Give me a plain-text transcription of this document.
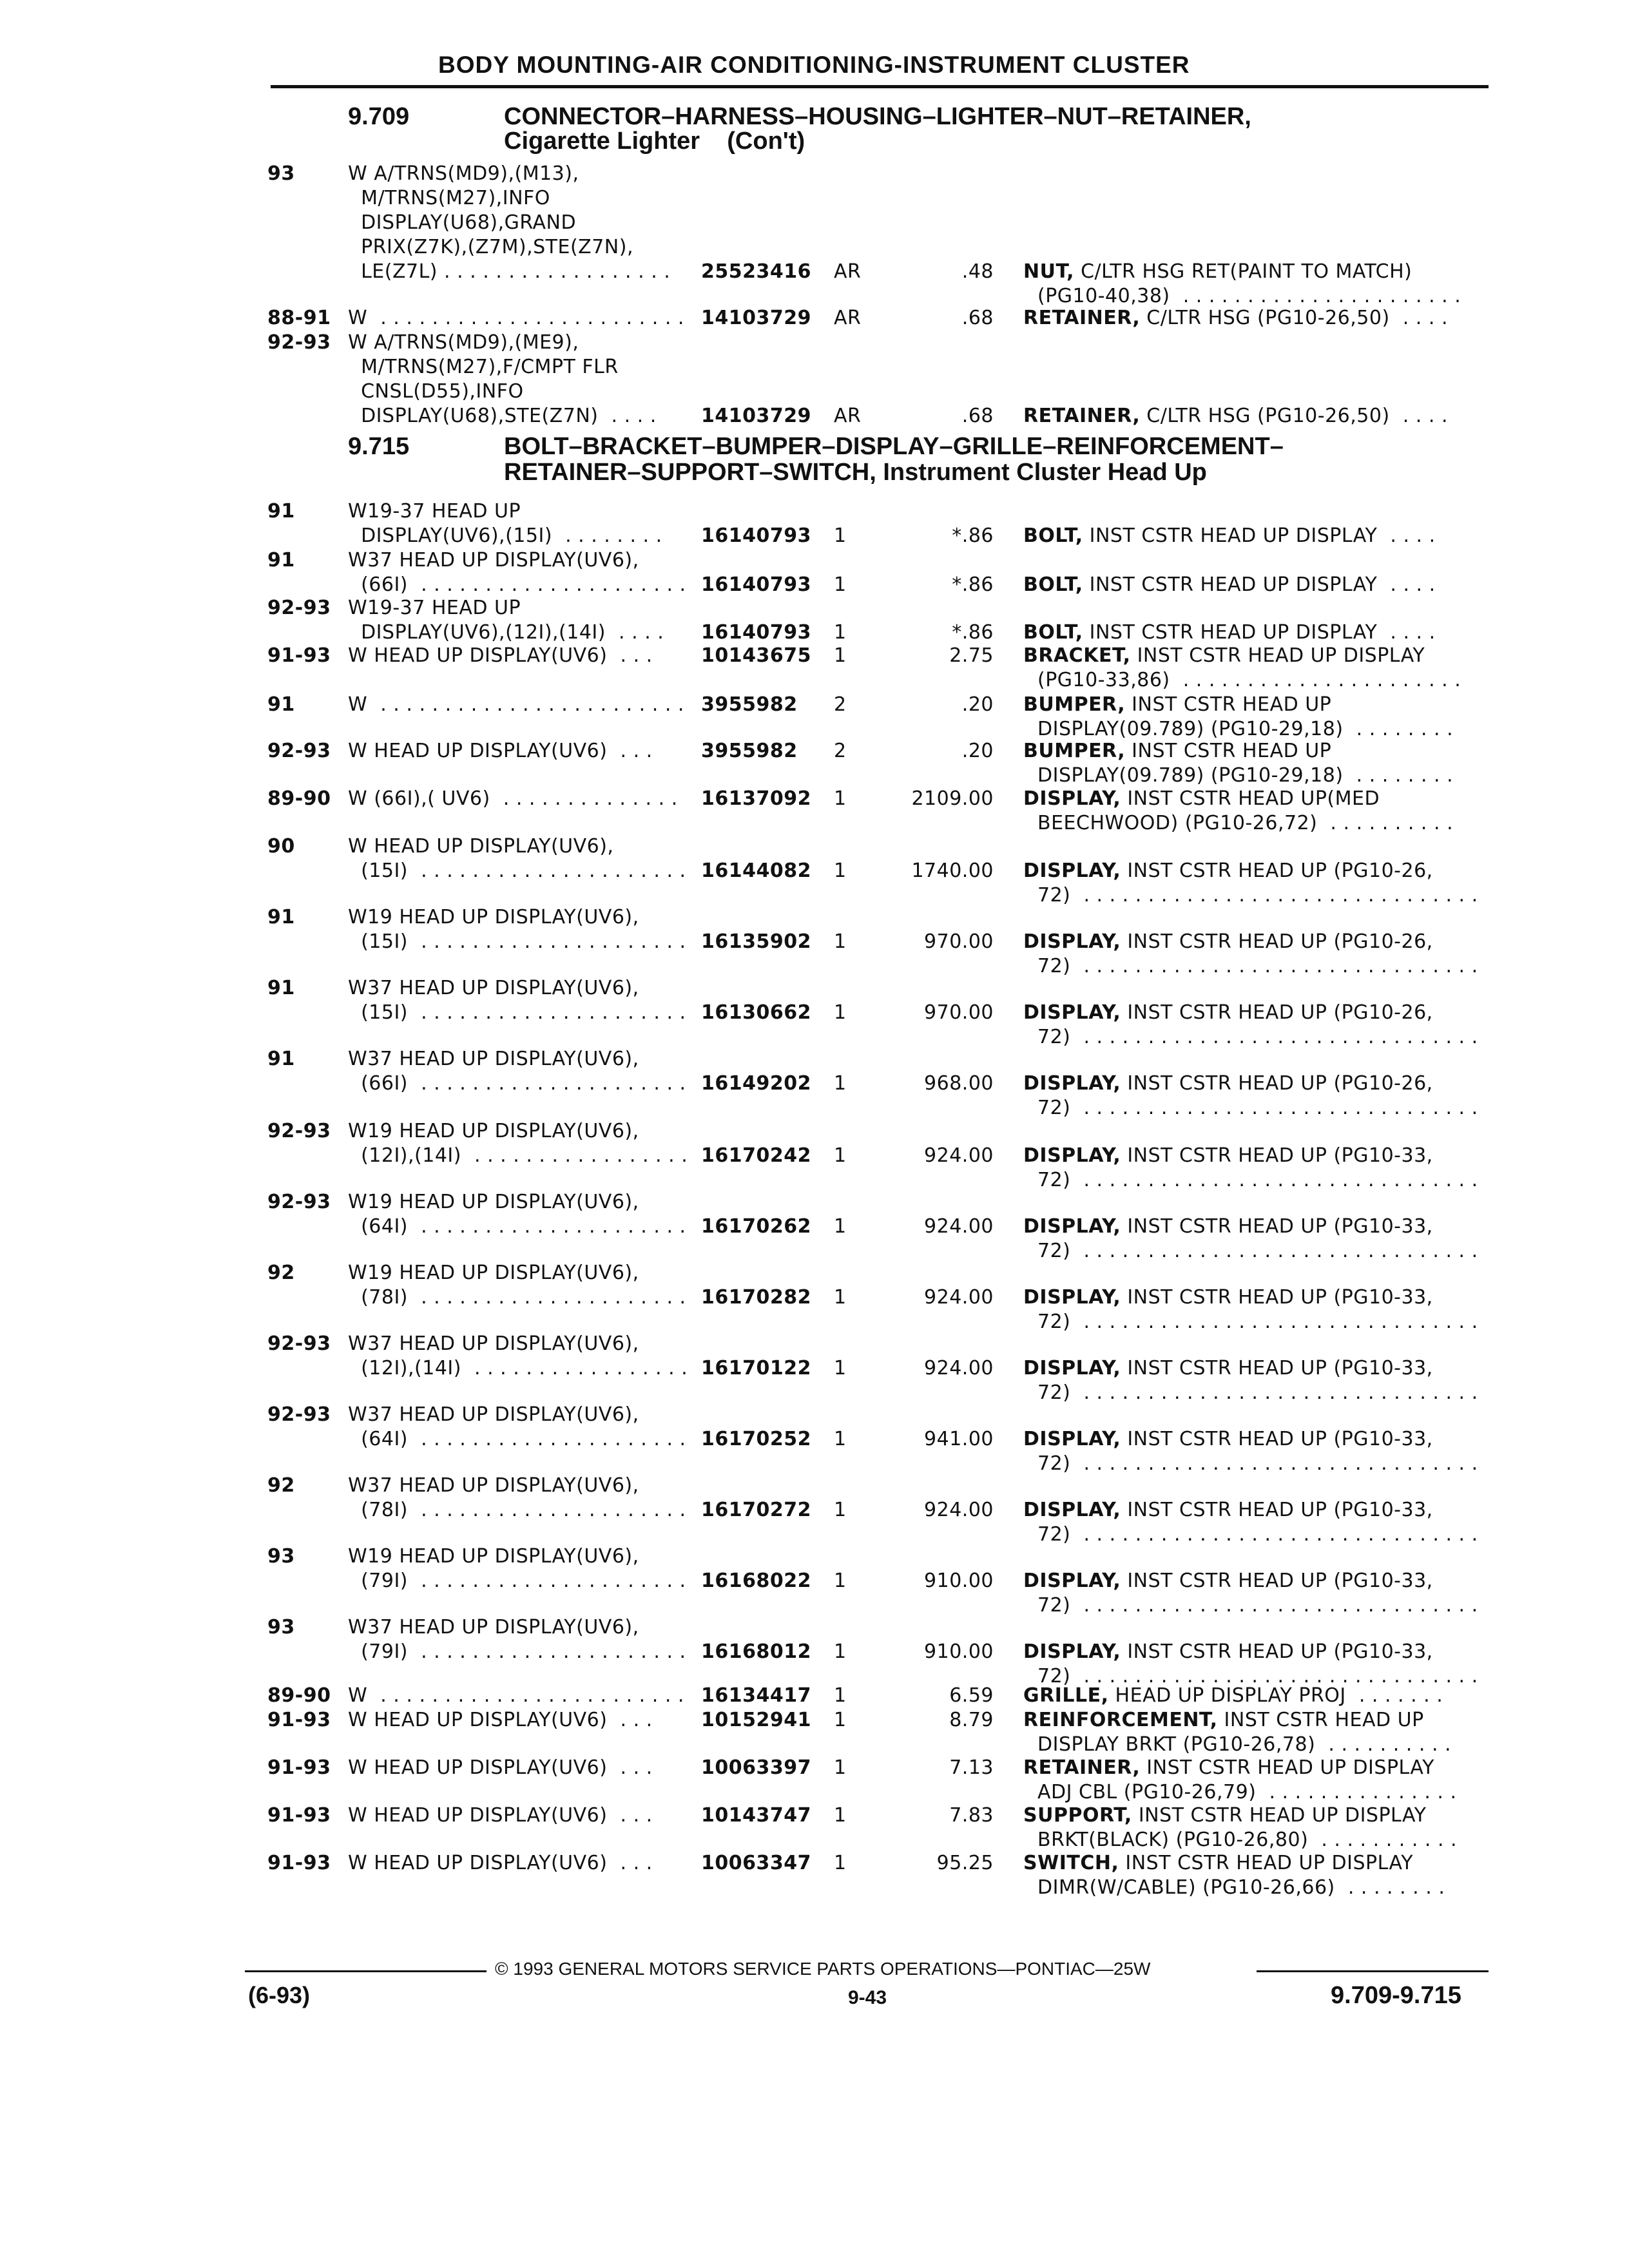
BODY MOUNTING-AIR CONDITIONING-INSTRUMENT CLUSTER
9.709	CONNECTOR–HARNESS–HOUSING–LIGHTER–NUT–RETAINER,
Cigarette Lighter    (Con't)
93	W A/TRNS(MD9),(M13),
M/TRNS(M27),INFO
DISPLAY(U68),GRAND
PRIX(Z7K),(Z7M),STE(Z7N),
LE(Z7L) . . . . . . . . . . . . . . . . . . 25523416 AR	.48 NUT, C/LTR HSG RET(PAINT TO MATCH)
(PG10-40,38)  . . . . . . . . . . . . . . . . . . . . . .
88-91 W  . . . . . . . . . . . . . . . . . . . . . . . . 14103729 AR	.68 RETAINER, C/LTR HSG (PG10-26,50)  . . . .
92-93 W A/TRNS(MD9),(ME9),
M/TRNS(M27),F/CMPT FLR
CNSL(D55),INFO
DISPLAY(U68),STE(Z7N)  . . . . 14103729 AR	.68 RETAINER, C/LTR HSG (PG10-26,50)  . . . .
9.715	BOLT–BRACKET–BUMPER–DISPLAY–GRILLE–REINFORCEMENT–
RETAINER–SUPPORT–SWITCH, Instrument Cluster Head Up
91	W19-37 HEAD UP
DISPLAY(UV6),(15I)  . . . . . . . . 16140793 1	*.86 BOLT, INST CSTR HEAD UP DISPLAY  . . . .
91	W37 HEAD UP DISPLAY(UV6),
(66I)  . . . . . . . . . . . . . . . . . . . . . 16140793 1	*.86 BOLT, INST CSTR HEAD UP DISPLAY  . . . .
92-93 W19-37 HEAD UP
DISPLAY(UV6),(12I),(14I)  . . . . 16140793 1	*.86 BOLT, INST CSTR HEAD UP DISPLAY  . . . .
91-93 W HEAD UP DISPLAY(UV6)  . . .	10143675 1	2.75 BRACKET, INST CSTR HEAD UP DISPLAY
(PG10-33,86)  . . . . . . . . . . . . . . . . . . . . . .
91	W  . . . . . . . . . . . . . . . . . . . . . . . . 3955982 2	.20 BUMPER, INST CSTR HEAD UP
DISPLAY(09.789) (PG10-29,18)  . . . . . . . .
92-93 W HEAD UP DISPLAY(UV6)  . . .	3955982 2	.20 BUMPER, INST CSTR HEAD UP
DISPLAY(09.789) (PG10-29,18)  . . . . . . . .
89-90 W (66I),( UV6)  . . . . . . . . . . . . . . 16137092 1	2109.00 DISPLAY, INST CSTR HEAD UP(MED
BEECHWOOD) (PG10-26,72)  . . . . . . . . . .
90	W HEAD UP DISPLAY(UV6),
(15I)  . . . . . . . . . . . . . . . . . . . . . 16144082 1	1740.00 DISPLAY, INST CSTR HEAD UP (PG10-26,
72)  . . . . . . . . . . . . . . . . . . . . . . . . . . . . . . .
91	W19 HEAD UP DISPLAY(UV6),
(15I)  . . . . . . . . . . . . . . . . . . . . . 16135902 1	970.00 DISPLAY, INST CSTR HEAD UP (PG10-26,
72)  . . . . . . . . . . . . . . . . . . . . . . . . . . . . . . .
91	W37 HEAD UP DISPLAY(UV6),
(15I)  . . . . . . . . . . . . . . . . . . . . . 16130662 1	970.00 DISPLAY, INST CSTR HEAD UP (PG10-26,
72)  . . . . . . . . . . . . . . . . . . . . . . . . . . . . . . .
91	W37 HEAD UP DISPLAY(UV6),
(66I)  . . . . . . . . . . . . . . . . . . . . . 16149202 1	968.00 DISPLAY, INST CSTR HEAD UP (PG10-26,
72)  . . . . . . . . . . . . . . . . . . . . . . . . . . . . . . .
92-93 W19 HEAD UP DISPLAY(UV6),
(12I),(14I)  . . . . . . . . . . . . . . . . . 16170242 1	924.00 DISPLAY, INST CSTR HEAD UP (PG10-33,
72)  . . . . . . . . . . . . . . . . . . . . . . . . . . . . . . .
92-93 W19 HEAD UP DISPLAY(UV6),
(64I)  . . . . . . . . . . . . . . . . . . . . . 16170262 1	924.00 DISPLAY, INST CSTR HEAD UP (PG10-33,
72)  . . . . . . . . . . . . . . . . . . . . . . . . . . . . . . .
92	W19 HEAD UP DISPLAY(UV6),
(78I)  . . . . . . . . . . . . . . . . . . . . . 16170282 1	924.00 DISPLAY, INST CSTR HEAD UP (PG10-33,
72)  . . . . . . . . . . . . . . . . . . . . . . . . . . . . . . .
92-93 W37 HEAD UP DISPLAY(UV6),
(12I),(14I)  . . . . . . . . . . . . . . . . . 16170122 1	924.00 DISPLAY, INST CSTR HEAD UP (PG10-33,
72)  . . . . . . . . . . . . . . . . . . . . . . . . . . . . . . .
92-93 W37 HEAD UP DISPLAY(UV6),
(64I)  . . . . . . . . . . . . . . . . . . . . . 16170252 1	941.00 DISPLAY, INST CSTR HEAD UP (PG10-33,
72)  . . . . . . . . . . . . . . . . . . . . . . . . . . . . . . .
92	W37 HEAD UP DISPLAY(UV6),
(78I)  . . . . . . . . . . . . . . . . . . . . . 16170272 1	924.00 DISPLAY, INST CSTR HEAD UP (PG10-33,
72)  . . . . . . . . . . . . . . . . . . . . . . . . . . . . . . .
93	W19 HEAD UP DISPLAY(UV6),
(79I)  . . . . . . . . . . . . . . . . . . . . . 16168022 1	910.00 DISPLAY, INST CSTR HEAD UP (PG10-33,
72)  . . . . . . . . . . . . . . . . . . . . . . . . . . . . . . .
93	W37 HEAD UP DISPLAY(UV6),
(79I)  . . . . . . . . . . . . . . . . . . . . . 16168012 1	910.00 DISPLAY, INST CSTR HEAD UP (PG10-33,
72)  . . . . . . . . . . . . . . . . . . . . . . . . . . . . . . .
89-90 W  . . . . . . . . . . . . . . . . . . . . . . . . 16134417 1	6.59 GRILLE, HEAD UP DISPLAY PROJ  . . . . . . .
91-93 W HEAD UP DISPLAY(UV6)  . . .	10152941 1	8.79 REINFORCEMENT, INST CSTR HEAD UP
DISPLAY BRKT (PG10-26,78)  . . . . . . . . . .
91-93 W HEAD UP DISPLAY(UV6)  . . .	10063397 1	7.13 RETAINER, INST CSTR HEAD UP DISPLAY
ADJ CBL (PG10-26,79)  . . . . . . . . . . . . . . .
91-93 W HEAD UP DISPLAY(UV6)  . . .	10143747 1	7.83 SUPPORT, INST CSTR HEAD UP DISPLAY
BRKT(BLACK) (PG10-26,80)  . . . . . . . . . . .
91-93 W HEAD UP DISPLAY(UV6)  . . .	10063347 1	95.25 SWITCH, INST CSTR HEAD UP DISPLAY
DIMR(W/CABLE) (PG10-26,66)  . . . . . . . .
© 1993 GENERAL MOTORS SERVICE PARTS OPERATIONS—PONTIAC—25W
(6-93)	9-43	9.709-9.715
